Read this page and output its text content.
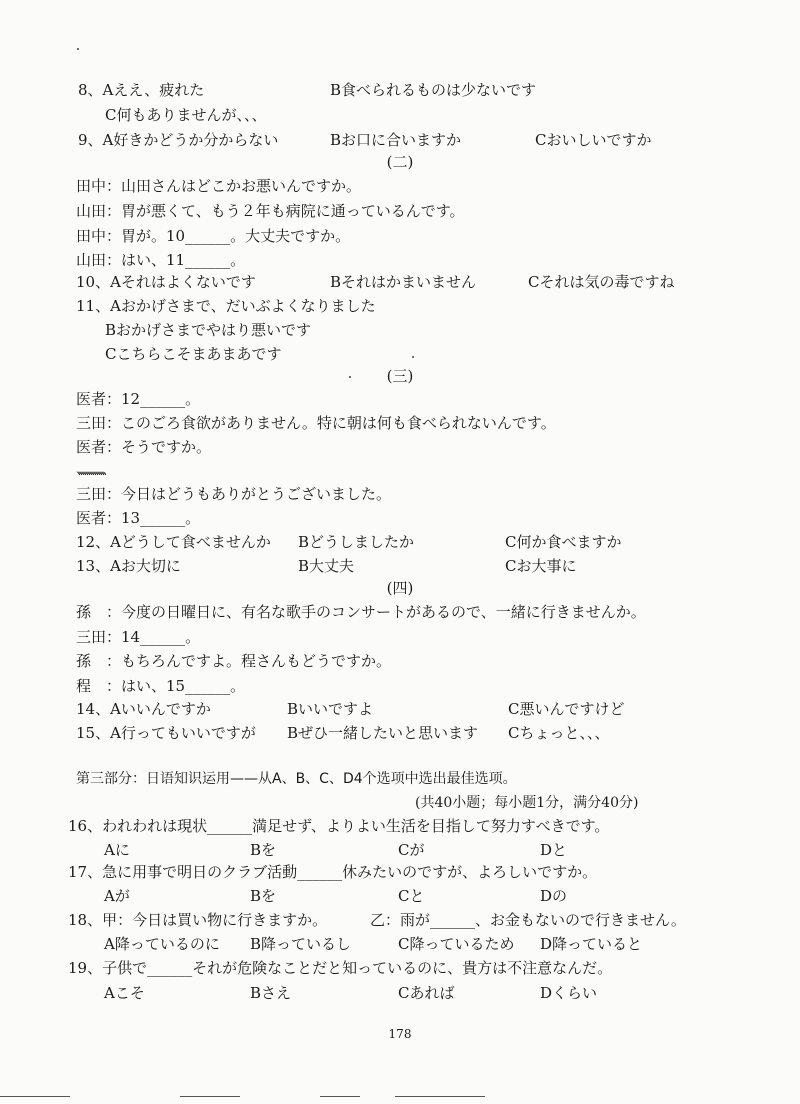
8、Aええ、疲れた	B食べられるものは少ないです
C何もありませんが、、、
9、A好きかどうか分からない	Bお口に合いますか	Cおいしいですか
(二)
田中：山田さんはどこかお悪いんですか。
山田：胃が悪くて、もう２年も病院に通っているんです。
田中：胃が。10______。大丈夫ですか。
山田：はい、11______。
10、Aそれはよくないです	Bそれはかまいません	Cそれは気の毒ですね
11、Aおかげさまで、だいぶよくなりました
Bおかげさまでやはり悪いです
Cこちらこそまあまあです
(三)
医者：12______。
三田：このごろ食欲がありません。特に朝は何も食べられないんです。
医者：そうですか。
、、、、、、、、、、、、、、
三田：今日はどうもありがとうございました。
医者：13______。
12、Aどうして食べませんか Bどうしましたか	C何か食べますか
13、Aお大切に	B大丈夫	Cお大事に
(四)
孫　：今度の日曜日に、有名な歌手のコンサートがあるので、一緒に行きませんか。
三田：14______。
孫　：もちろんですよ。程さんもどうですか。
程　：はい、15______。
14、Aいいんですか	Bいいですよ	C悪いんですけど
15、A行ってもいいですが Bぜひ一緒したいと思います Cちょっと、、、
第三部分：日语知识运用——从A、B、C、D4个选项中选出最佳选项。
(共40小题；每小题1分，满分40分)
16、われわれは現状______満足せず、よりよい生活を目指して努力すべきです。
Aに	Bを	Cが	Dと
17、急に用事で明日のクラブ活動______休みたいのですが、よろしいですか。
Aが	Bを	Cと	Dの
18、甲：今日は買い物に行きますか。	乙：雨が______、お金もないので行きません。
A降っているのに B降っているし	C降っているため D降っていると
19、子供で______それが危険なことだと知っているのに、貴方は不注意なんだ。
Aこそ	Bさえ	Cあれば	Dくらい
178
